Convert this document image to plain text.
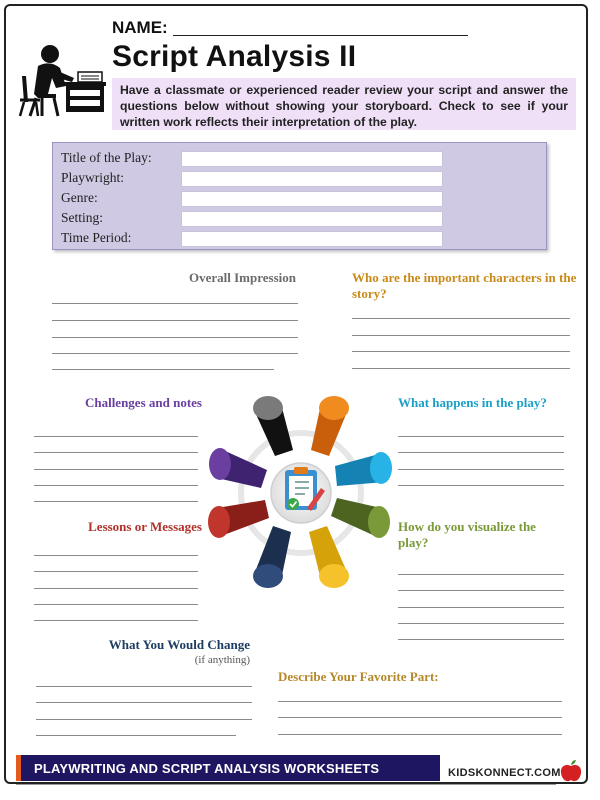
NAME:
Script Analysis II
Have a classmate or experienced reader review your script and answer the questions below without showing your storyboard. Check to see if your written work reflects their interpretation of the play.
Title of the Play:
Playwright:
Genre:
Setting:
Time Period:
Overall Impression	Who are the important characters in the story?
Challenges and notes	What happens in the play?
Lessons or Messages	How do you visualize the play?
What You Would Change
(if anything)
Describe Your Favorite Part:
PLAYWRITING AND SCRIPT ANALYSIS WORKSHEETS	KIDSKONNECT.COM
